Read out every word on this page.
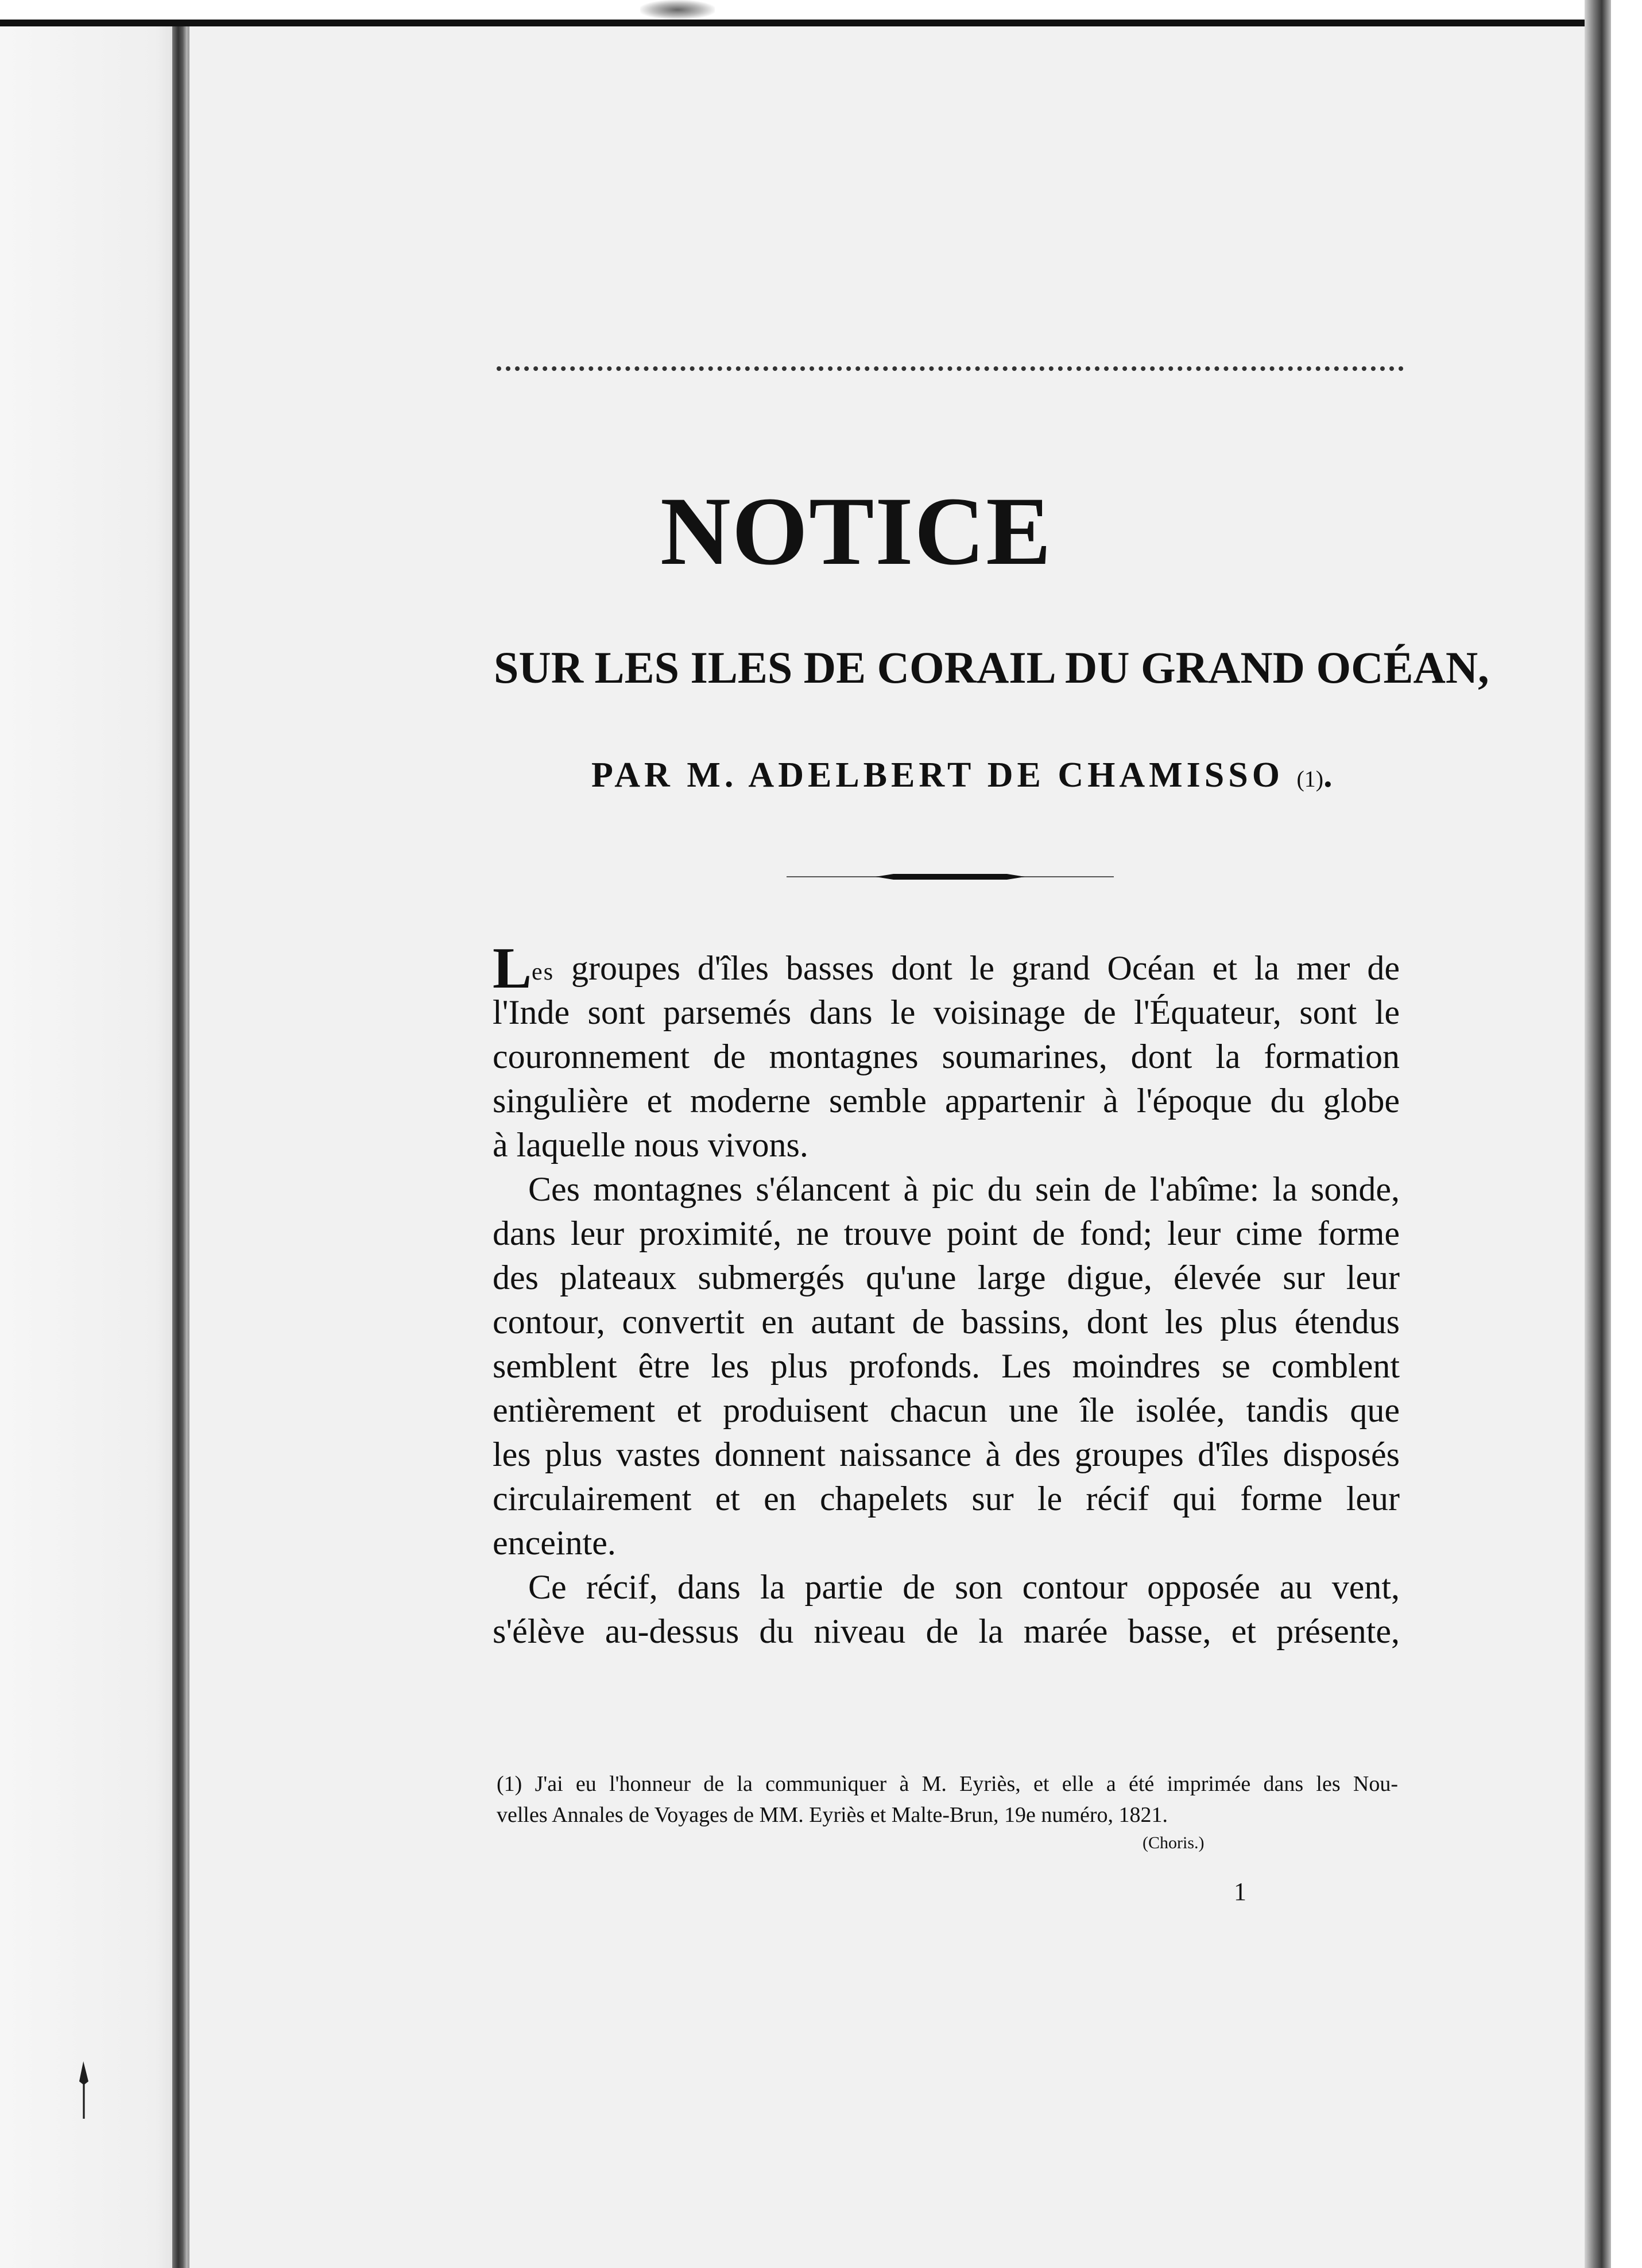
NOTICE
SUR LES ILES DE CORAIL DU GRAND OCÉAN,
PAR M. ADELBERT DE CHAMISSO (1).
Les groupes d'îles basses dont le grand Océan et la mer de
l'Inde sont parsemés dans le voisinage de l'Équateur, sont le
couronnement de montagnes soumarines, dont la formation
singulière et moderne semble appartenir à l'époque du globe
à laquelle nous vivons.
Ces montagnes s'élancent à pic du sein de l'abîme: la sonde,
dans leur proximité, ne trouve point de fond; leur cime forme
des plateaux submergés qu'une large digue, élevée sur leur
contour, convertit en autant de bassins, dont les plus étendus
semblent être les plus profonds. Les moindres se comblent
entièrement et produisent chacun une île isolée, tandis que
les plus vastes donnent naissance à des groupes d'îles disposés
circulairement et en chapelets sur le récif qui forme leur
enceinte.
Ce récif, dans la partie de son contour opposée au vent,
s'élève au-dessus du niveau de la marée basse, et présente,
(1) J'ai eu l'honneur de la communiquer à M. Eyriès, et elle a été imprimée dans les Nou-
velles Annales de Voyages de MM. Eyriès et Malte-Brun, 19e numéro, 1821.
(Choris.)
1
